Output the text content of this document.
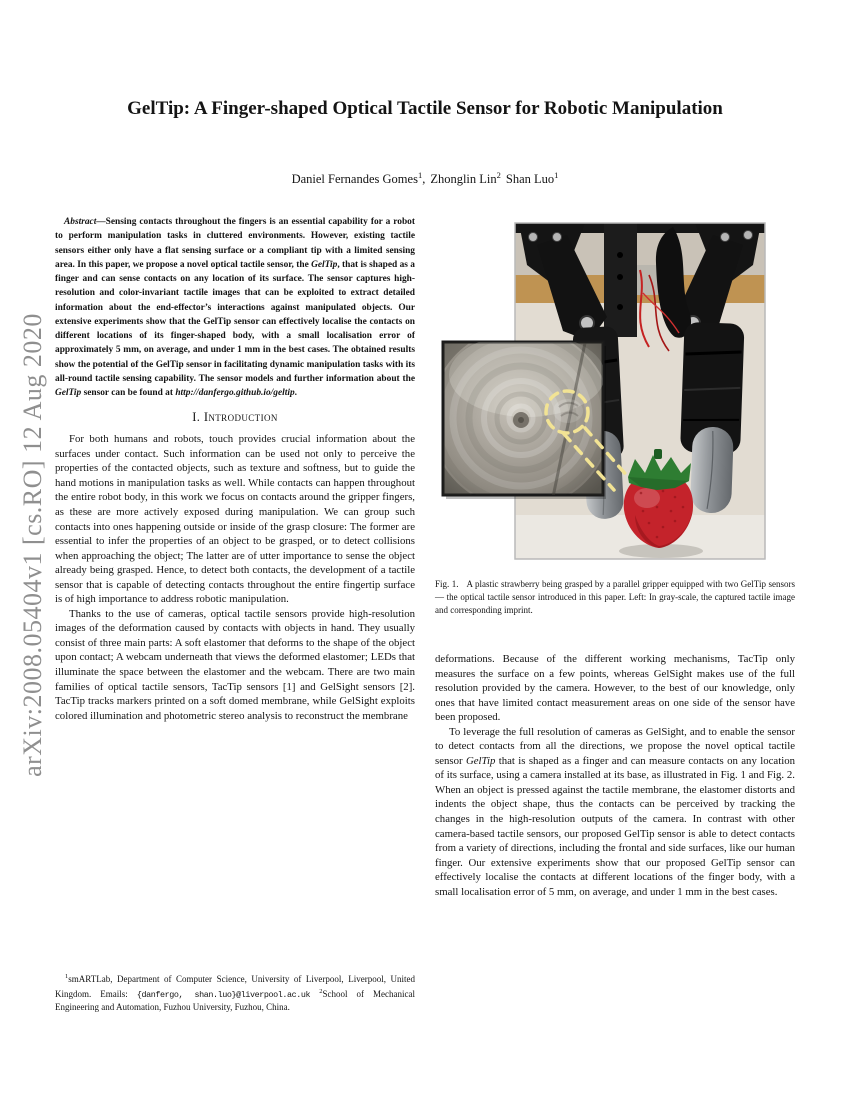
arXiv:2008.05404v1 [cs.RO] 12 Aug 2020
GelTip: A Finger-shaped Optical Tactile Sensor for Robotic Manipulation
Daniel Fernandes Gomes$^1$, Zhonglin Lin$^2$ Shan Luo$^1$

Abstract—Sensing contacts throughout the fingers is an essential capability for a robot to perform manipulation tasks in cluttered environments. However, existing tactile sensors either only have a flat sensing surface or a compliant tip with a limited sensing area. In this paper, we propose a novel optical tactile sensor, the GelTip, that is shaped as a finger and can sense contacts on any location of its surface. The sensor captures high-resolution and color-invariant tactile images that can be exploited to extract detailed information about the end-effector’s interactions against manipulated objects. Our extensive experiments show that the GelTip sensor can effectively localise the contacts on different locations of its finger-shaped body, with a small localisation error of approximately 5 mm, on average, and under 1 mm in the best cases. The obtained results show the potential of the GelTip sensor in facilitating dynamic manipulation tasks with its all-round tactile sensing capability. The sensor models and further information about the GelTip sensor can be found at http://danfergo.github.io/geltip.

I. Introduction

For both humans and robots, touch provides crucial information about the surfaces under contact. Such information can be used not only to perceive the properties of the contacted objects, such as texture and softness, but to guide the hand motions in manipulation tasks as well. While contacts can happen throughout the entire robot body, in this work we focus on contacts around the gripper fingers, as these are more actively exposed during manipulation. We can group such contacts into ones happening outside or inside of the grasp closure: The former are essential to infer the properties of an object to be grasped, or to detect collisions when approaching the object; The latter are of utter importance to sense the object already being grasped. Hence, to detect both contacts, the development of a tactile sensor that is capable of detecting contacts throughout the entire fingertip surface is of high importance to address robotic manipulation.

Thanks to the use of cameras, optical tactile sensors provide high-resolution images of the deformation caused by contacts with objects in hand. They usually consist of three main parts: A soft elastomer that deforms to the shape of the object upon contact; A webcam underneath that views the deformed elastomer; LEDs that illuminate the space between the elastomer and the webcam. There are two main families of optical tactile sensors, TacTip sensors [1] and GelSight sensors [2]. TacTip tracks markers printed on a soft domed membrane, while GelSight exploits colored illumination and photometric stereo analysis to reconstruct the membrane

$^1$smARTLab, Department of Computer Science, University of Liverpool, Liverpool, United Kingdom. Emails: {danfergo, shan.luo}@liverpool.ac.uk $^2$School of Mechanical Engineering and Automation, Fuzhou University, Fuzhou, China.

Fig. 1. A plastic strawberry being grasped by a parallel gripper equipped with two GelTip sensors — the optical tactile sensor introduced in this paper. Left: In gray-scale, the captured tactile image and corresponding imprint.

deformations. Because of the different working mechanisms, TacTip only measures the surface on a few points, whereas GelSight makes use of the full resolution provided by the camera. However, to the best of our knowledge, only ones that have limited contact measurement areas on one side of the sensor have been proposed.

To leverage the full resolution of cameras as GelSight, and to enable the sensor to detect contacts from all the directions, we propose the novel optical tactile sensor GelTip that is shaped as a finger and can measure contacts on any location of its surface, using a camera installed at its base, as illustrated in Fig. 1 and Fig. 2. When an object is pressed against the tactile membrane, the elastomer distorts and indents the object shape, thus the contacts can be perceived by tracking the changes in the high-resolution outputs of the camera. In contrast with other camera-based tactile sensors, our proposed GelTip sensor is able to detect contacts from a variety of directions, including the frontal and side surfaces, like our human finger. Our extensive experiments show that our proposed GelTip sensor can effectively localise the contacts at different locations of the finger body, with a small localisation error of 5 mm, on average, and under 1 mm in the best cases.
